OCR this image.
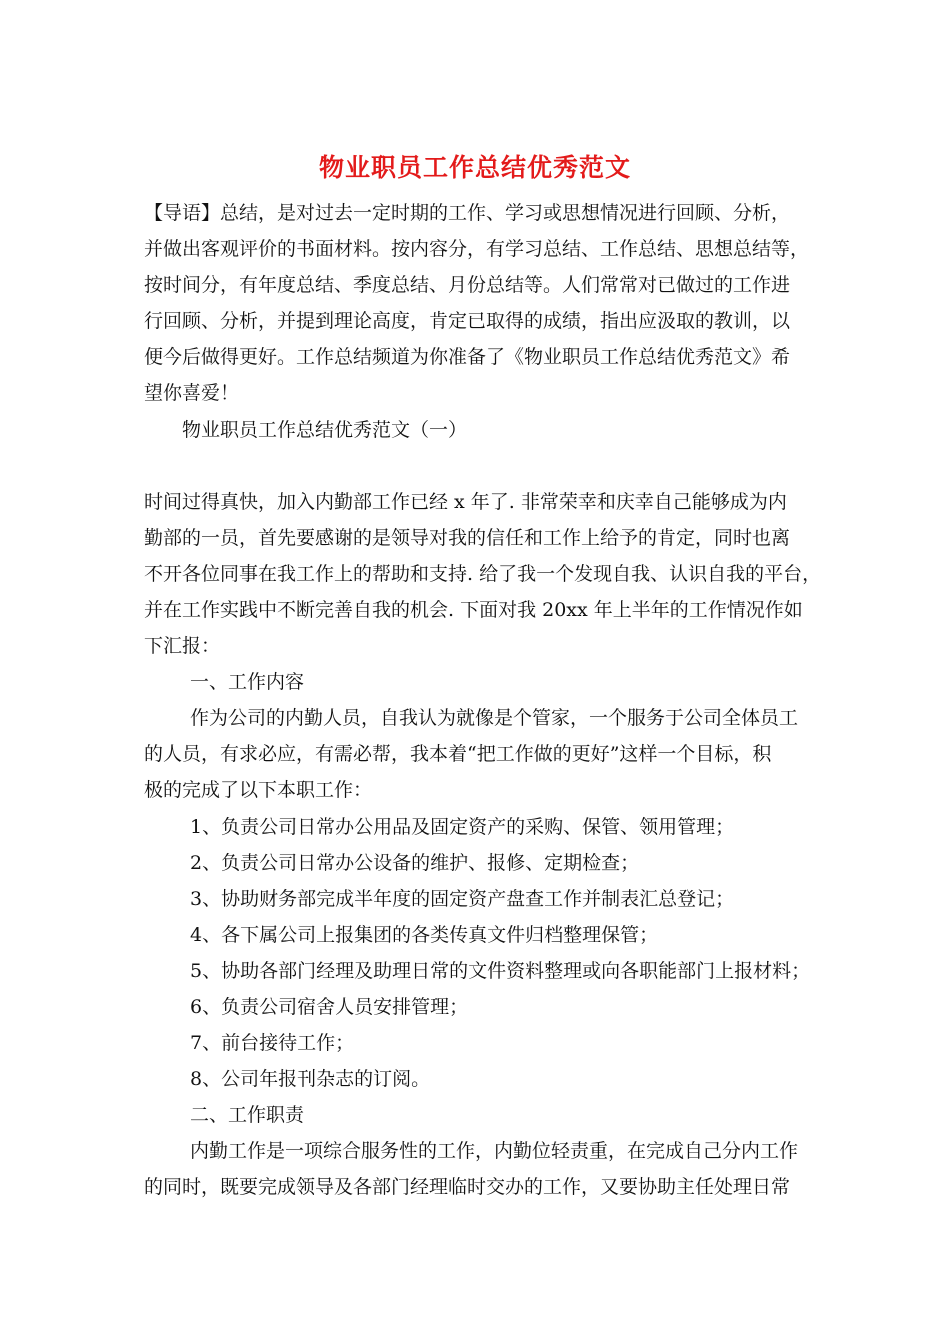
物业职员工作总结优秀范文

【导语】总结，是对过去一定时期的工作、学习或思想情况进行回顾、分析，

并做出客观评价的书面材料。按内容分，有学习总结、工作总结、思想总结等，

按时间分，有年度总结、季度总结、月份总结等。人们常常对已做过的工作进

行回顾、分析，并提到理论高度，肯定已取得的成绩，指出应汲取的教训，以

便今后做得更好。工作总结频道为你准备了《物业职员工作总结优秀范文》希

望你喜爱！

物业职员工作总结优秀范文（一）

时间过得真快，加入内勤部工作已经 x 年了. 非常荣幸和庆幸自己能够成为内

勤部的一员，首先要感谢的是领导对我的信任和工作上给予的肯定，同时也离

不开各位同事在我工作上的帮助和支持. 给了我一个发现自我、认识自我的平台，

并在工作实践中不断完善自我的机会. 下面对我 20xx 年上半年的工作情况作如

下汇报：

一、工作内容

作为公司的内勤人员，自我认为就像是个管家，一个服务于公司全体员工

的人员，有求必应，有需必帮，我本着“把工作做的更好”这样一个目标，积

极的完成了以下本职工作：

1、负责公司日常办公用品及固定资产的采购、保管、领用管理；

2、负责公司日常办公设备的维护、报修、定期检查；

3、协助财务部完成半年度的固定资产盘查工作并制表汇总登记；

4、各下属公司上报集团的各类传真文件归档整理保管；

5、协助各部门经理及助理日常的文件资料整理或向各职能部门上报材料；

6、负责公司宿舍人员安排管理；

7、前台接待工作；

8、公司年报刊杂志的订阅。

二、工作职责

内勤工作是一项综合服务性的工作，内勤位轻责重，在完成自己分内工作

的同时，既要完成领导及各部门经理临时交办的工作，又要协助主任处理日常
